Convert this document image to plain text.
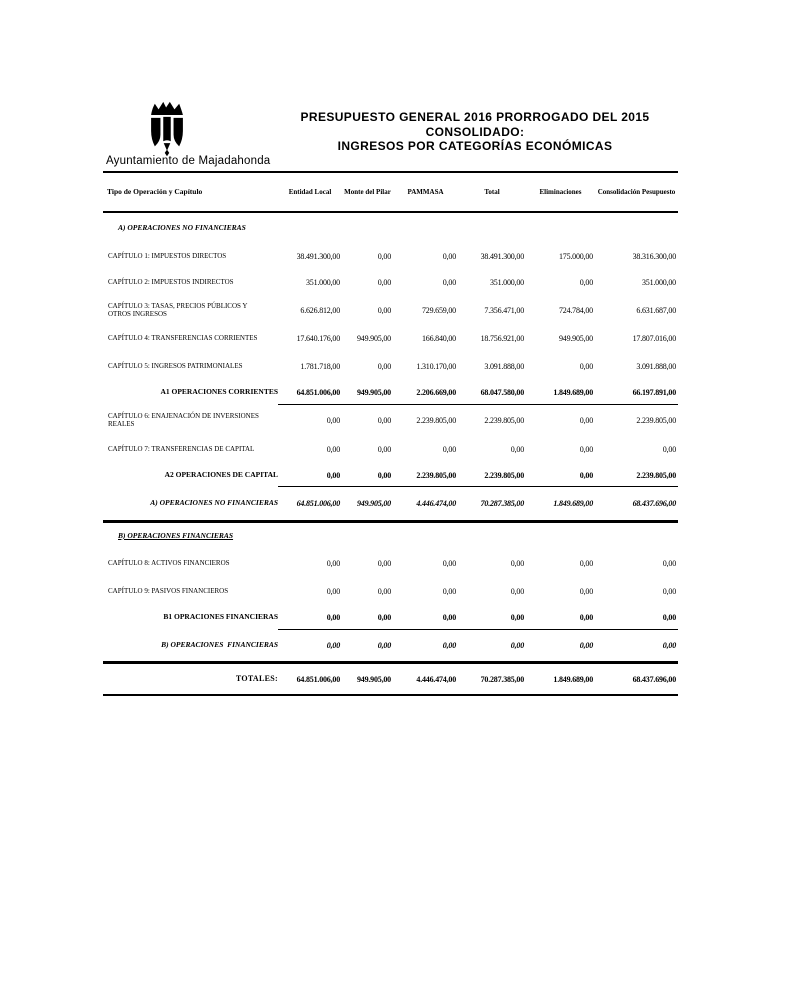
Ayuntamiento de Majadahonda
PRESUPUESTO GENERAL 2016 PRORROGADO DEL 2015
CONSOLIDADO:
INGRESOS POR CATEGORÍAS ECONÓMICAS
Tipo de Operación y Capítulo	Entidad Local	Monte del Pilar	PAMMASA	Total	Eliminaciones	Consolidación Pesupuesto
A) OPERACIONES NO FINANCIERAS
CAPÍTULO 1: IMPUESTOS DIRECTOS	38.491.300,00	0,00	0,00	38.491.300,00	175.000,00	38.316.300,00
CAPÍTULO 2: IMPUESTOS INDIRECTOS	351.000,00	0,00	0,00	351.000,00	0,00	351.000,00
CAPÍTULO 3: TASAS, PRECIOS PÚBLICOS Y OTROS INGRESOS	6.626.812,00	0,00	729.659,00	7.356.471,00	724.784,00	6.631.687,00
CAPÍTULO 4: TRANSFERENCIAS CORRIENTES	17.640.176,00	949.905,00	166.840,00	18.756.921,00	949.905,00	17.807.016,00
CAPÍTULO 5: INGRESOS PATRIMONIALES	1.781.718,00	0,00	1.310.170,00	3.091.888,00	0,00	3.091.888,00
A1 OPERACIONES CORRIENTES	64.851.006,00	949.905,00	2.206.669,00	68.047.580,00	1.849.689,00	66.197.891,00
CAPÍTULO 6: ENAJENACIÓN DE INVERSIONES REALES	0,00	0,00	2.239.805,00	2.239.805,00	0,00	2.239.805,00
CAPÍTULO 7: TRANSFERENCIAS DE CAPITAL	0,00	0,00	0,00	0,00	0,00	0,00
A2 OPERACIONES DE CAPITAL	0,00	0,00	2.239.805,00	2.239.805,00	0,00	2.239.805,00
A) OPERACIONES NO FINANCIERAS	64.851.006,00	949.905,00	4.446.474,00	70.287.385,00	1.849.689,00	68.437.696,00
B) OPERACIONES FINANCIERAS
CAPÍTULO 8: ACTIVOS FINANCIEROS	0,00	0,00	0,00	0,00	0,00	0,00
CAPÍTULO 9: PASIVOS FINANCIEROS	0,00	0,00	0,00	0,00	0,00	0,00
B1 OPRACIONES FINANCIERAS	0,00	0,00	0,00	0,00	0,00	0,00
B) OPERACIONES  FINANCIERAS	0,00	0,00	0,00	0,00	0,00	0,00
TOTALES:	64.851.006,00	949.905,00	4.446.474,00	70.287.385,00	1.849.689,00	68.437.696,00
